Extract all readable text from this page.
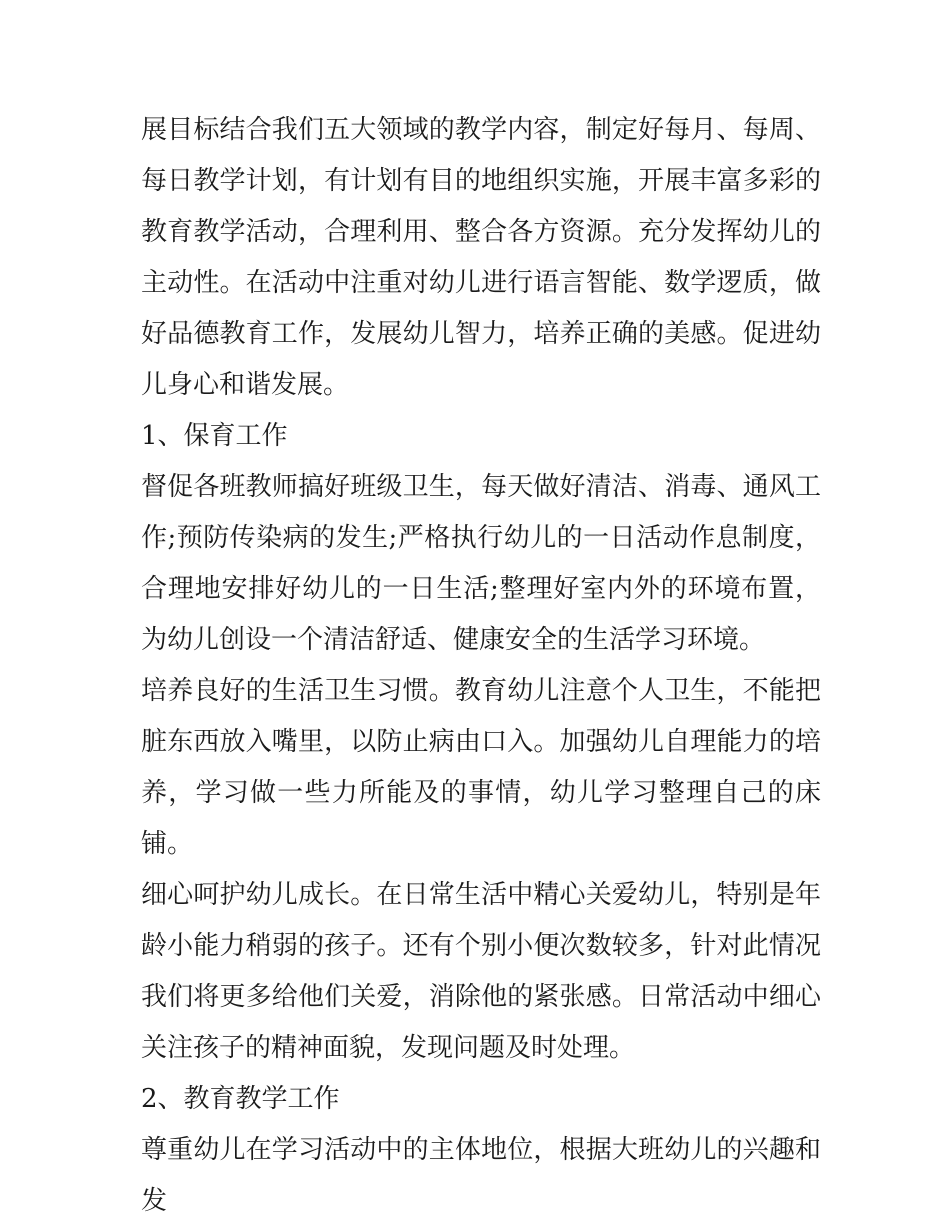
展目标结合我们五大领域的教学内容，制定好每月、每周、每日教学计划，有计划有目的地组织实施，开展丰富多彩的教育教学活动，合理利用、整合各方资源。充分发挥幼儿的主动性。在活动中注重对幼儿进行语言智能、数学逻质，做好品德教育工作，发展幼儿智力，培养正确的美感。促进幼儿身心和谐发展。

1、保育工作

督促各班教师搞好班级卫生，每天做好清洁、消毒、通风工作;预防传染病的发生;严格执行幼儿的一日活动作息制度，合理地安排好幼儿的一日生活;整理好室内外的环境布置，为幼儿创设一个清洁舒适、健康安全的生活学习环境。

培养良好的生活卫生习惯。教育幼儿注意个人卫生，不能把脏东西放入嘴里，以防止病由口入。加强幼儿自理能力的培养，学习做一些力所能及的事情，幼儿学习整理自己的床铺。

细心呵护幼儿成长。在日常生活中精心关爱幼儿，特别是年龄小能力稍弱的孩子。还有个别小便次数较多，针对此情况我们将更多给他们关爱，消除他的紧张感。日常活动中细心关注孩子的精神面貌，发现问题及时处理。

2、教育教学工作

尊重幼儿在学习活动中的主体地位，根据大班幼儿的兴趣和发
